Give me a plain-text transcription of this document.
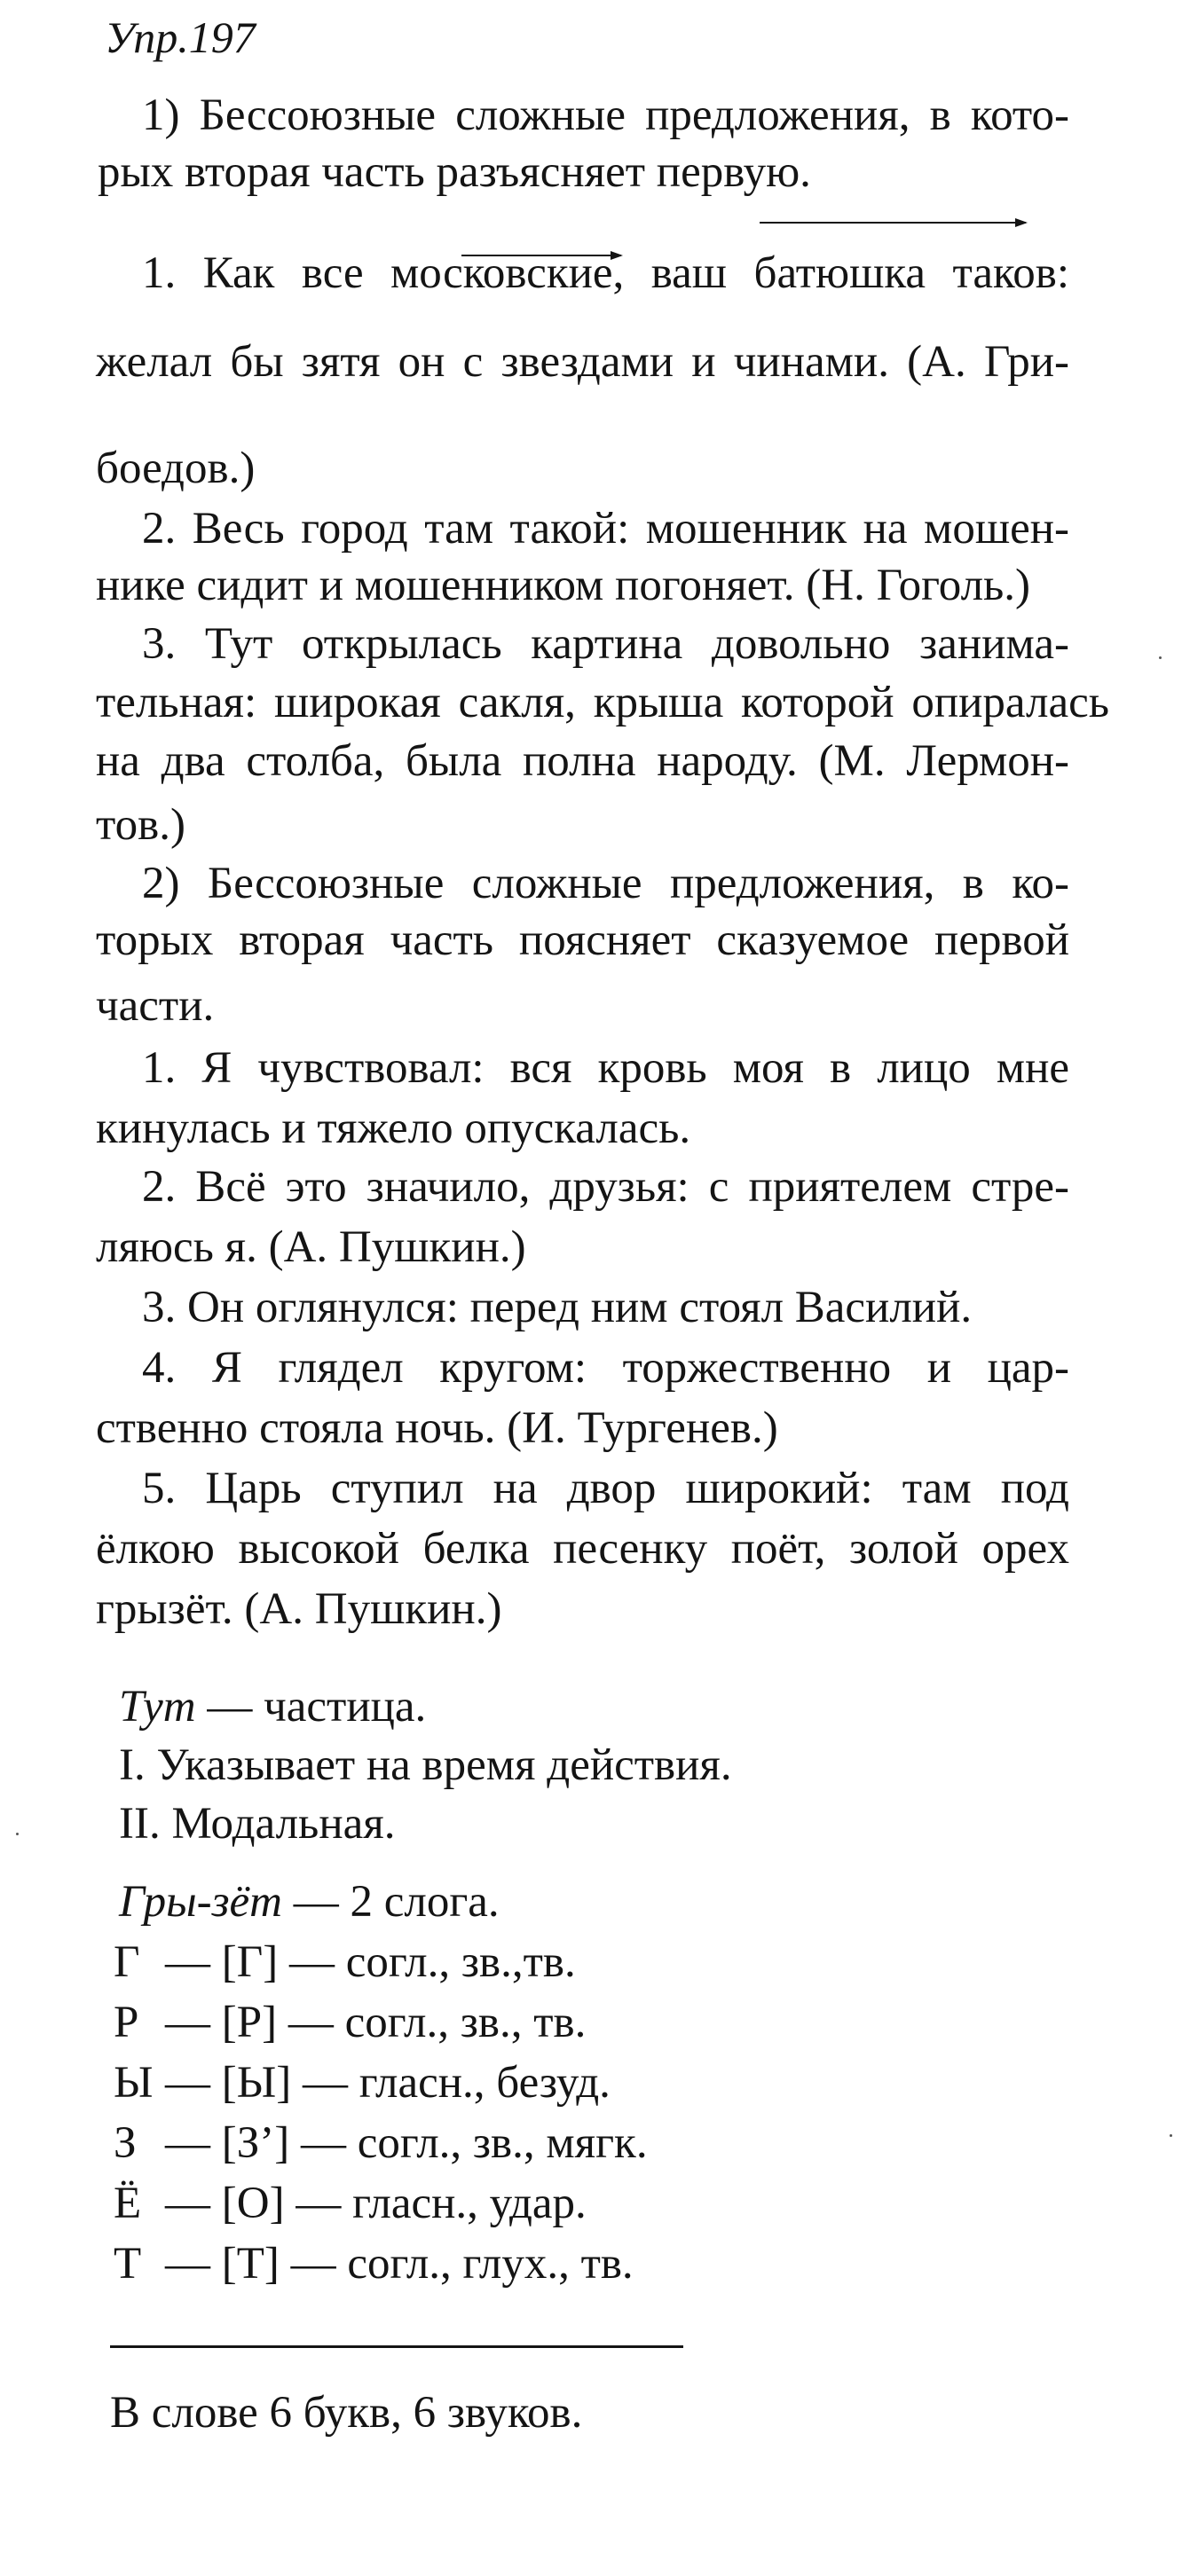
Упр.197
1) Бессоюзные сложные предложения, в кото-
рых вторая часть разъясняет первую.
1. Как все московские, ваш батюшка таков:
желал бы зятя он с звездами и чинами. (А. Гри-
боедов.)
2. Весь город там такой: мошенник на мошен-
нике сидит и мошенником погоняет. (Н. Гоголь.)
3. Тут открылась картина довольно занима-
тельная: широкая сакля, крыша которой опиралась
на два столба, была полна народу. (М. Лермон-
тов.)
2) Бессоюзные сложные предложения, в ко-
торых вторая часть поясняет сказуемое первой
части.
1. Я чувствовал: вся кровь моя в лицо мне
кинулась и тяжело опускалась.
2. Всё это значило, друзья: с приятелем стре-
ляюсь я. (А. Пушкин.)
3. Он оглянулся: перед ним стоял Василий.
4. Я глядел кругом: торжественно и цар-
ственно стояла ночь. (И. Тургенев.)
5. Царь ступил на двор широкий: там под
ёлкою высокой белка песенку поёт, золой орех
грызёт. (А. Пушкин.)
Тут — частица.
I. Указывает на время действия.
II. Модальная.
Гры-зёт — 2 слога.
Г — [Г] — согл., зв.,тв.
Р — [Р] — согл., зв., тв.
Ы — [Ы] — гласн., безуд.
З — [З’] — согл., зв., мягк.
Ё — [О] — гласн., удар.
Т — [Т] — согл., глух., тв.
В слове 6 букв, 6 звуков.
